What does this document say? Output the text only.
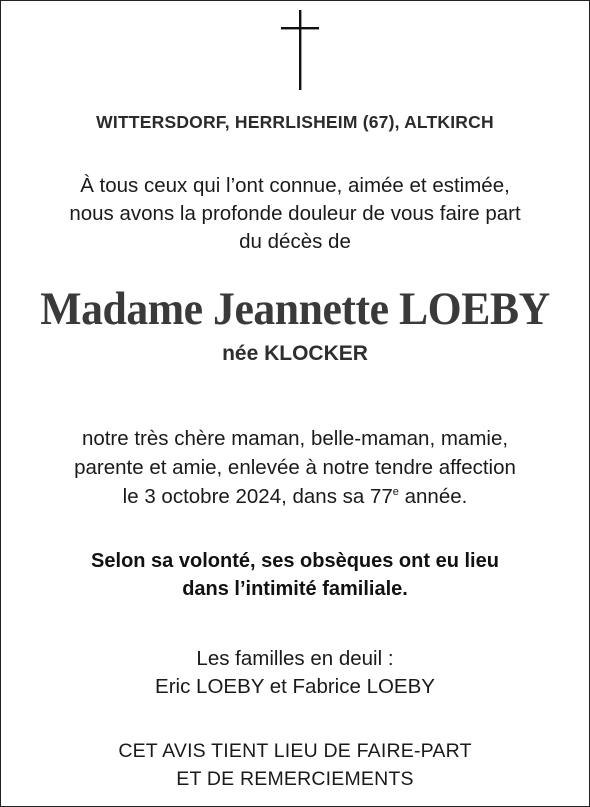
WITTERSDORF, HERRLISHEIM (67), ALTKIRCH
À tous ceux qui l’ont connue, aimée et estimée,
nous avons la profonde douleur de vous faire part
du décès de
Madame Jeannette LOEBY
née KLOCKER
notre très chère maman, belle-maman, mamie,
parente et amie, enlevée à notre tendre affection
le 3 octobre 2024, dans sa 77e année.
Selon sa volonté, ses obsèques ont eu lieu
dans l’intimité familiale.
Les familles en deuil :
Eric LOEBY et Fabrice LOEBY
CET AVIS TIENT LIEU DE FAIRE-PART
ET DE REMERCIEMENTS
